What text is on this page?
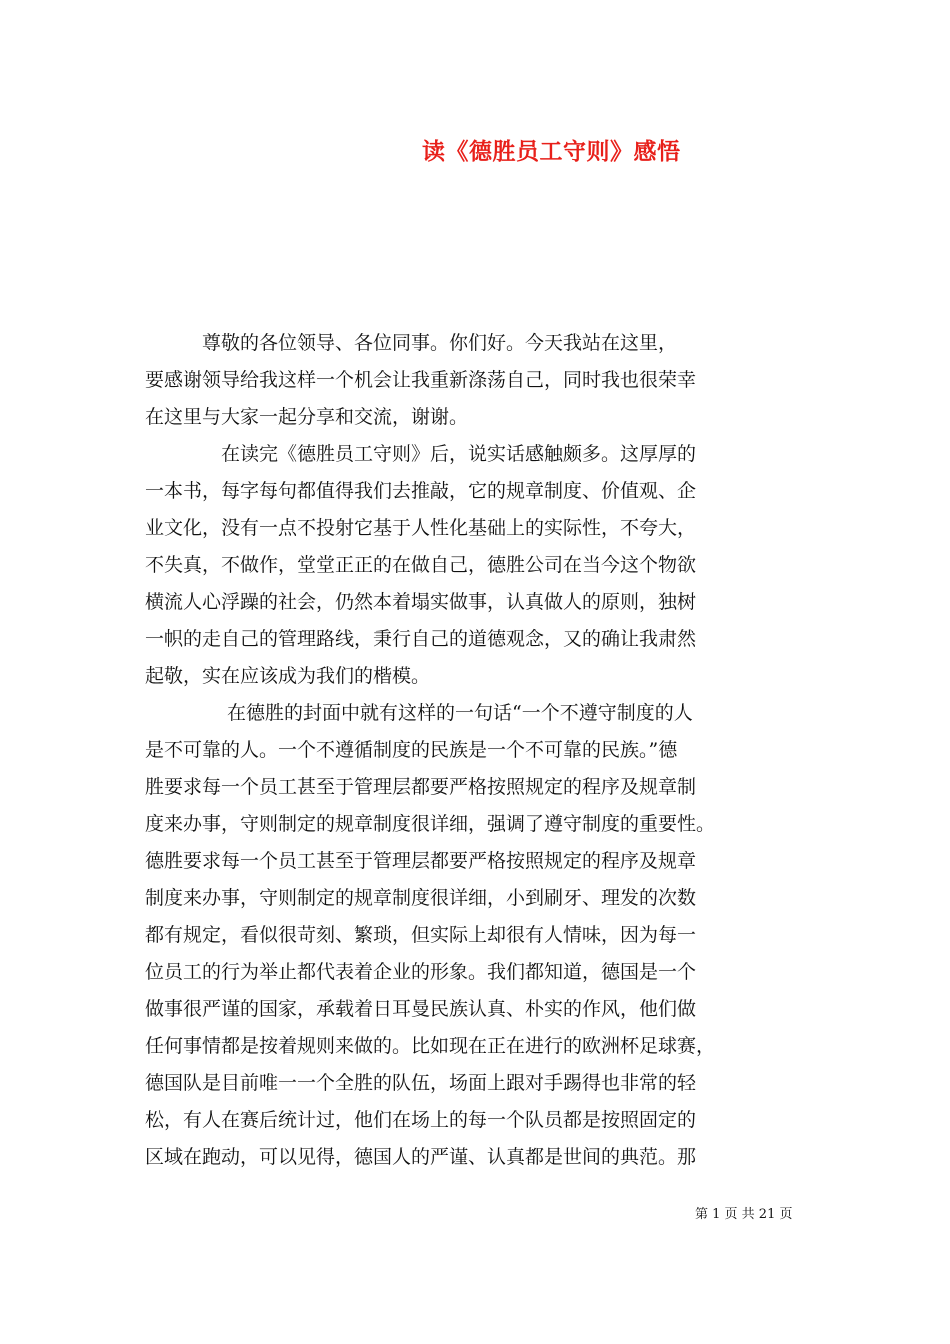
读《德胜员工守则》感悟
　　　尊敬的各位领导、各位同事。你们好。今天我站在这里，
要感谢领导给我这样一个机会让我重新涤荡自己，同时我也很荣幸
在这里与大家一起分享和交流，谢谢。
　　　　在读完《德胜员工守则》后，说实话感触颇多。这厚厚的
一本书，每字每句都值得我们去推敲，它的规章制度、价值观、企
业文化，没有一点不投射它基于人性化基础上的实际性，不夸大，
不失真，不做作，堂堂正正的在做自己，德胜公司在当今这个物欲
横流人心浮躁的社会，仍然本着塌实做事，认真做人的原则，独树
一帜的走自己的管理路线，秉行自己的道德观念，又的确让我肃然
起敬，实在应该成为我们的楷模。
　　　　 在德胜的封面中就有这样的一句话“一个不遵守制度的人
是不可靠的人。一个不遵循制度的民族是一个不可靠的民族。”德
胜要求每一个员工甚至于管理层都要严格按照规定的程序及规章制
度来办事，守则制定的规章制度很详细，强调了遵守制度的重要性。
德胜要求每一个员工甚至于管理层都要严格按照规定的程序及规章
制度来办事，守则制定的规章制度很详细，小到刷牙、理发的次数
都有规定，看似很苛刻、繁琐，但实际上却很有人情味，因为每一
位员工的行为举止都代表着企业的形象。我们都知道，德国是一个
做事很严谨的国家，承载着日耳曼民族认真、朴实的作风，他们做
任何事情都是按着规则来做的。比如现在正在进行的欧洲杯足球赛，
德国队是目前唯一一个全胜的队伍，场面上跟对手踢得也非常的轻
松，有人在赛后统计过，他们在场上的每一个队员都是按照固定的
区域在跑动，可以见得，德国人的严谨、认真都是世间的典范。那
第 1 页 共 21 页
